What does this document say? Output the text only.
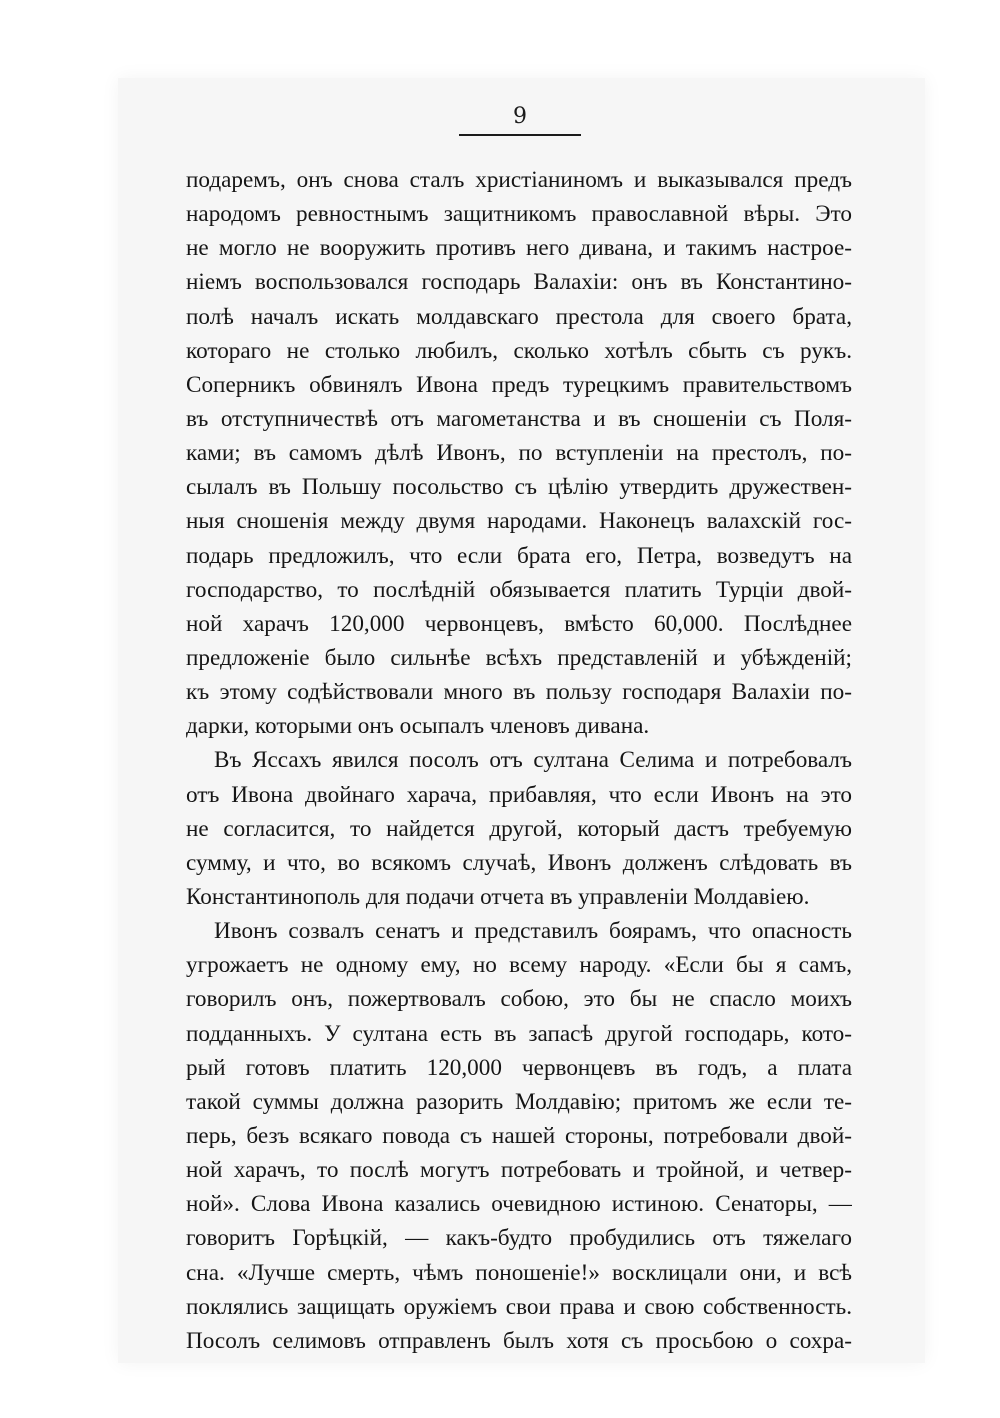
9
подаремъ, онъ снова сталъ христіаниномъ и выказывался предъ
народомъ ревностнымъ защитникомъ православной вѣры. Это
не могло не вооружить противъ него дивана, и такимъ настрое-
ніемъ воспользовался господарь Валахіи: онъ въ Константино-
полѣ началъ искать молдавскаго престола для своего брата,
котораго не столько любилъ, сколько хотѣлъ сбыть съ рукъ.
Соперникъ обвинялъ Ивона предъ турецкимъ правительствомъ
въ отступничествѣ отъ магометанства и въ сношеніи съ Поля-
ками; въ самомъ дѣлѣ Ивонъ, по вступленіи на престолъ, по-
сылалъ въ Польшу посольство съ цѣлію утвердить дружествен-
ныя сношенія между двумя народами. Наконецъ валахскій гос-
подарь предложилъ, что если брата его, Петра, возведутъ на
господарство, то послѣдній обязывается платить Турціи двой-
ной харачъ 120,000 червонцевъ, вмѣсто 60,000. Послѣднее
предложеніе было сильнѣе всѣхъ представленій и убѣжденій;
къ этому содѣйствовали много въ пользу господаря Валахіи по-
дарки, которыми онъ осыпалъ членовъ дивана.
Въ Яссахъ явился посолъ отъ султана Селима и потребовалъ
отъ Ивона двойнаго харача, прибавляя, что если Ивонъ на это
не согласится, то найдется другой, который дастъ требуемую
сумму, и что, во всякомъ случаѣ, Ивонъ долженъ слѣдовать въ
Константинополь для подачи отчета въ управленіи Молдавіею.
Ивонъ созвалъ сенатъ и представилъ боярамъ, что опасность
угрожаетъ не одному ему, но всему народу. «Если бы я самъ,
говорилъ онъ, пожертвовалъ собою, это бы не спасло моихъ
подданныхъ. У султана есть въ запасѣ другой господарь, кото-
рый готовъ платить 120,000 червонцевъ въ годъ, а плата
такой суммы должна разорить Молдавію; притомъ же если те-
перь, безъ всякаго повода съ нашей стороны, потребовали двой-
ной харачъ, то послѣ могутъ потребовать и тройной, и четвер-
ной». Слова Ивона казались очевидною истиною. Сенаторы, —
говоритъ Горѣцкій, — какъ-будто пробудились отъ тяжелаго
сна. «Лучше смерть, чѣмъ поношеніе!» восклицали они, и всѣ
поклялись защищать оружіемъ свои права и свою собственность.
Посолъ селимовъ отправленъ былъ хотя съ просьбою о сохра-
